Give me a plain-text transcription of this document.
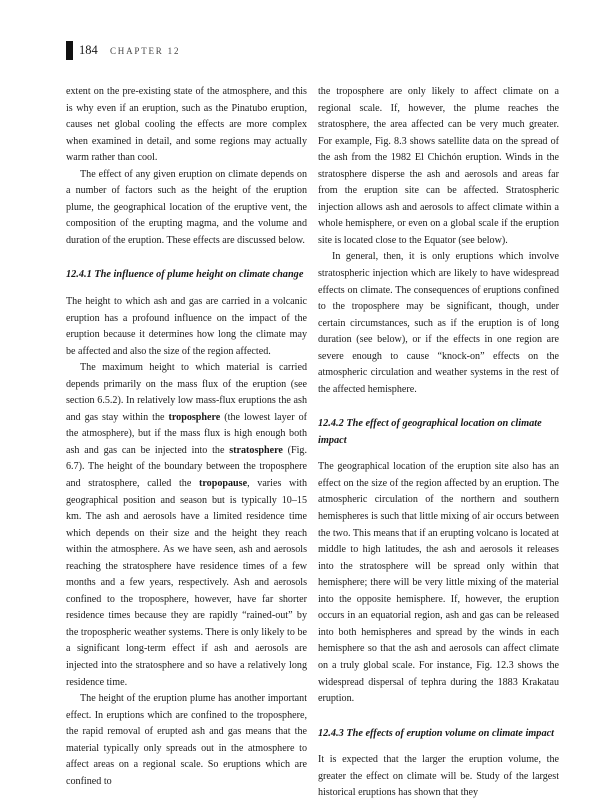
184 CHAPTER 12

extent on the pre-existing state of the atmosphere, and this is why even if an eruption, such as the Pinatubo eruption, causes net global cooling the effects are more complex when examined in detail, and some regions may actually warm rather than cool.

The effect of any given eruption on climate depends on a number of factors such as the height of the eruption plume, the geographical location of the eruptive vent, the composition of the erupting magma, and the volume and duration of the eruption. These effects are discussed below.

12.4.1 The influence of plume height on climate change

The height to which ash and gas are carried in a volcanic eruption has a profound influence on the impact of the eruption because it determines how long the climate may be affected and also the size of the region affected.

The maximum height to which material is carried depends primarily on the mass flux of the eruption (see section 6.5.2). In relatively low mass-flux eruptions the ash and gas stay within the troposphere (the lowest layer of the atmosphere), but if the mass flux is high enough both ash and gas can be injected into the stratosphere (Fig. 6.7). The height of the boundary between the troposphere and stratosphere, called the tropopause, varies with geographical position and season but is typically 10–15 km. The ash and aerosols have a limited residence time which depends on their size and the height they reach within the atmosphere. As we have seen, ash and aerosols reaching the stratosphere have residence times of a few months and a few years, respectively. Ash and aerosols confined to the troposphere, however, have far shorter residence times because they are rapidly “rained-out” by the tropospheric weather systems. There is only likely to be a significant long-term effect if ash and aerosols are injected into the stratosphere and so have a relatively long residence time.

The height of the eruption plume has another important effect. In eruptions which are confined to the troposphere, the rapid removal of erupted ash and gas means that the material typically only spreads out in the atmosphere to affect areas on a regional scale. So eruptions which are confined to

the troposphere are only likely to affect climate on a regional scale. If, however, the plume reaches the stratosphere, the area affected can be very much greater. For example, Fig. 8.3 shows satellite data on the spread of the ash from the 1982 El Chichón eruption. Winds in the stratosphere disperse the ash and aerosols and areas far from the eruption site can be affected. Stratospheric injection allows ash and aerosols to affect climate within a whole hemisphere, or even on a global scale if the eruption site is located close to the Equator (see below).

In general, then, it is only eruptions which involve stratospheric injection which are likely to have widespread effects on climate. The consequences of eruptions confined to the troposphere may be significant, though, under certain circumstances, such as if the eruption is of long duration (see below), or if the effects in one region are severe enough to cause “knock-on” effects on the atmospheric circulation and weather systems in the rest of the affected hemisphere.

12.4.2 The effect of geographical location on climate impact

The geographical location of the eruption site also has an effect on the size of the region affected by an eruption. The atmospheric circulation of the northern and southern hemispheres is such that little mixing of air occurs between the two. This means that if an erupting volcano is located at middle to high latitudes, the ash and aerosols it releases into the stratosphere will be spread only within that hemisphere; there will be very little mixing of the material into the opposite hemisphere. If, however, the eruption occurs in an equatorial region, ash and gas can be released into both hemispheres and spread by the winds in each hemisphere so that the ash and aerosols can affect climate on a truly global scale. For instance, Fig. 12.3 shows the widespread dispersal of tephra during the 1883 Krakatau eruption.

12.4.3 The effects of eruption volume on climate impact

It is expected that the larger the eruption volume, the greater the effect on climate will be. Study of the largest historical eruptions has shown that they
